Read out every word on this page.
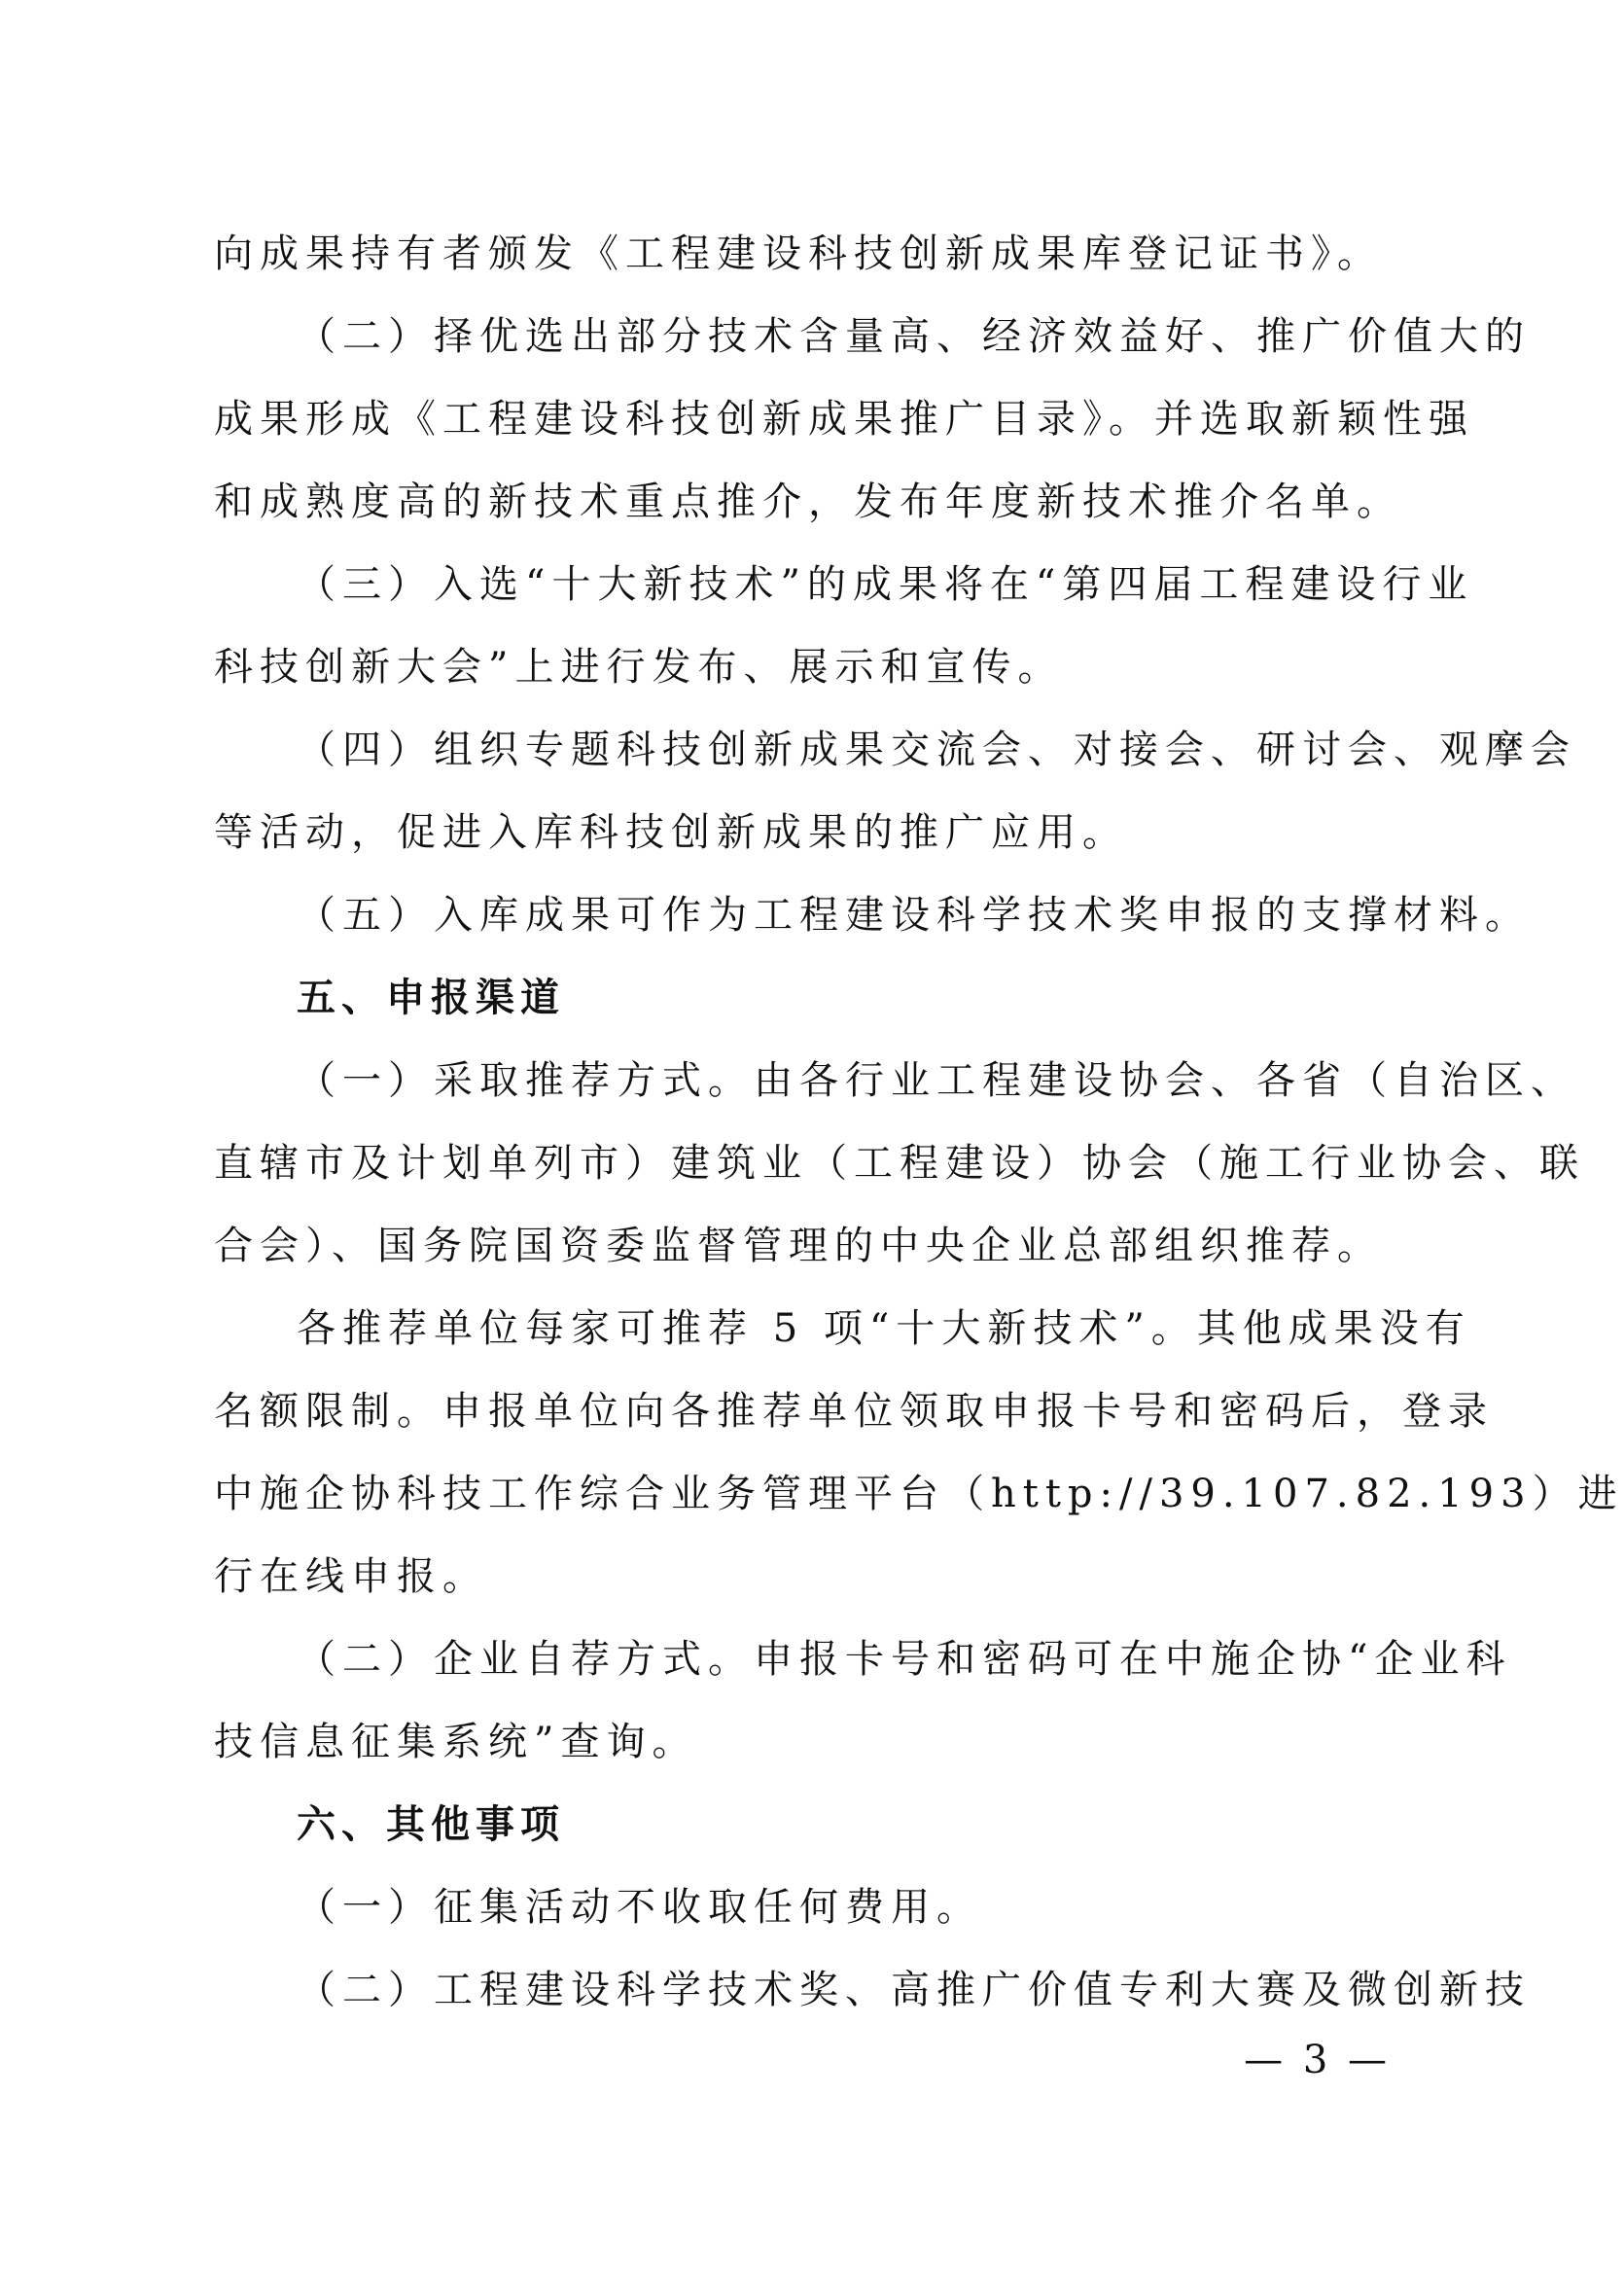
向成果持有者颁发《工程建设科技创新成果库登记证书》。
（二）择优选出部分技术含量高、经济效益好、推广价值大的
成果形成《工程建设科技创新成果推广目录》。并选取新颖性强
和成熟度高的新技术重点推介，发布年度新技术推介名单。
（三）入选“十大新技术”的成果将在“第四届工程建设行业
科技创新大会”上进行发布、展示和宣传。
（四）组织专题科技创新成果交流会、对接会、研讨会、观摩会
等活动，促进入库科技创新成果的推广应用。
（五）入库成果可作为工程建设科学技术奖申报的支撑材料。
五、申报渠道
（一）采取推荐方式。由各行业工程建设协会、各省（自治区、
直辖市及计划单列市）建筑业（工程建设）协会（施工行业协会、联
合会）、国务院国资委监督管理的中央企业总部组织推荐。
各推荐单位每家可推荐 5 项“十大新技术”。其他成果没有
名额限制。申报单位向各推荐单位领取申报卡号和密码后，登录
中施企协科技工作综合业务管理平台（http://39.107.82.193）进
行在线申报。
（二）企业自荐方式。申报卡号和密码可在中施企协“企业科
技信息征集系统”查询。
六、其他事项
（一）征集活动不收取任何费用。
（二）工程建设科学技术奖、高推广价值专利大赛及微创新技
— 3 —
